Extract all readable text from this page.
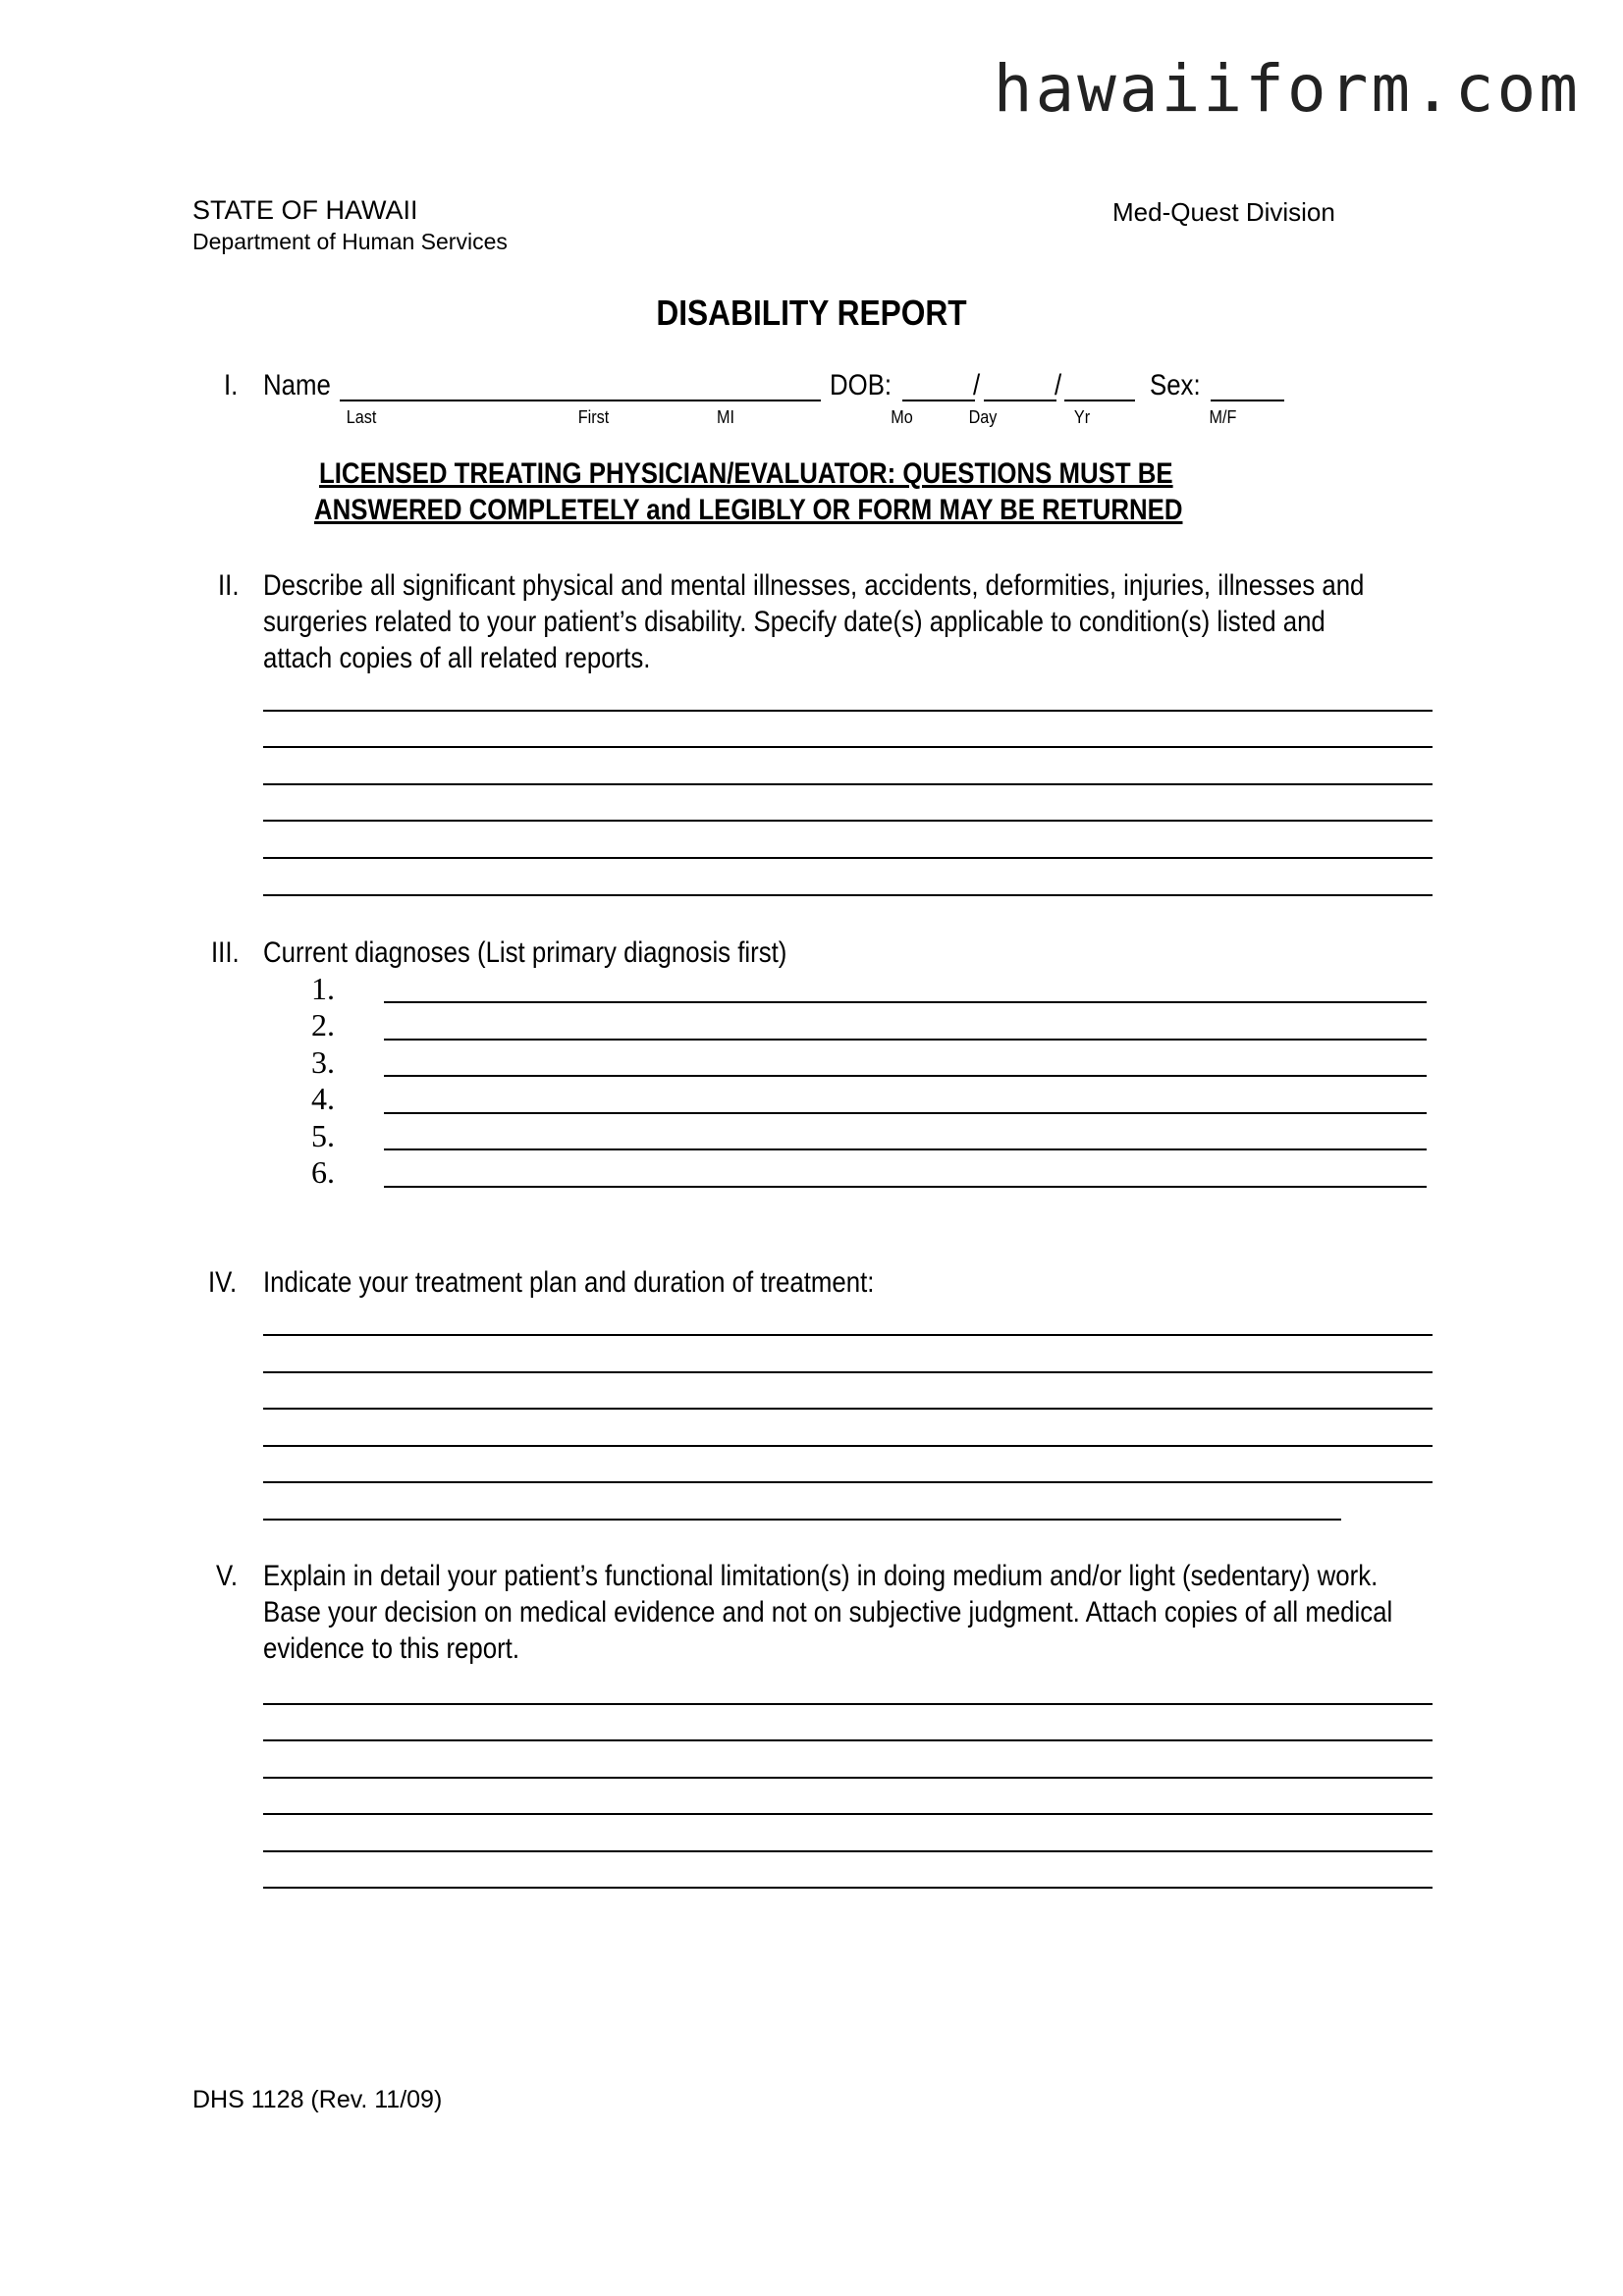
hawaiiform.com
STATE OF HAWAII
Department of Human Services
Med-Quest Division
DISABILITY REPORT
I. Name	DOB:	/	/	Sex:
Last	First	MI	Mo	Day	Yr	M/F
LICENSED TREATING PHYSICIAN/EVALUATOR: QUESTIONS MUST BE
ANSWERED COMPLETELY and LEGIBLY OR FORM MAY BE RETURNED
II. Describe all significant physical and mental illnesses, accidents, deformities, injuries, illnesses and
surgeries related to your patient’s disability. Specify date(s) applicable to condition(s) listed and
attach copies of all related reports.
III. Current diagnoses (List primary diagnosis first)
1.
2.
3.
4.
5.
6.
IV. Indicate your treatment plan and duration of treatment:
V. Explain in detail your patient’s functional limitation(s) in doing medium and/or light (sedentary) work.
Base your decision on medical evidence and not on subjective judgment. Attach copies of all medical
evidence to this report.
DHS 1128 (Rev. 11/09)
